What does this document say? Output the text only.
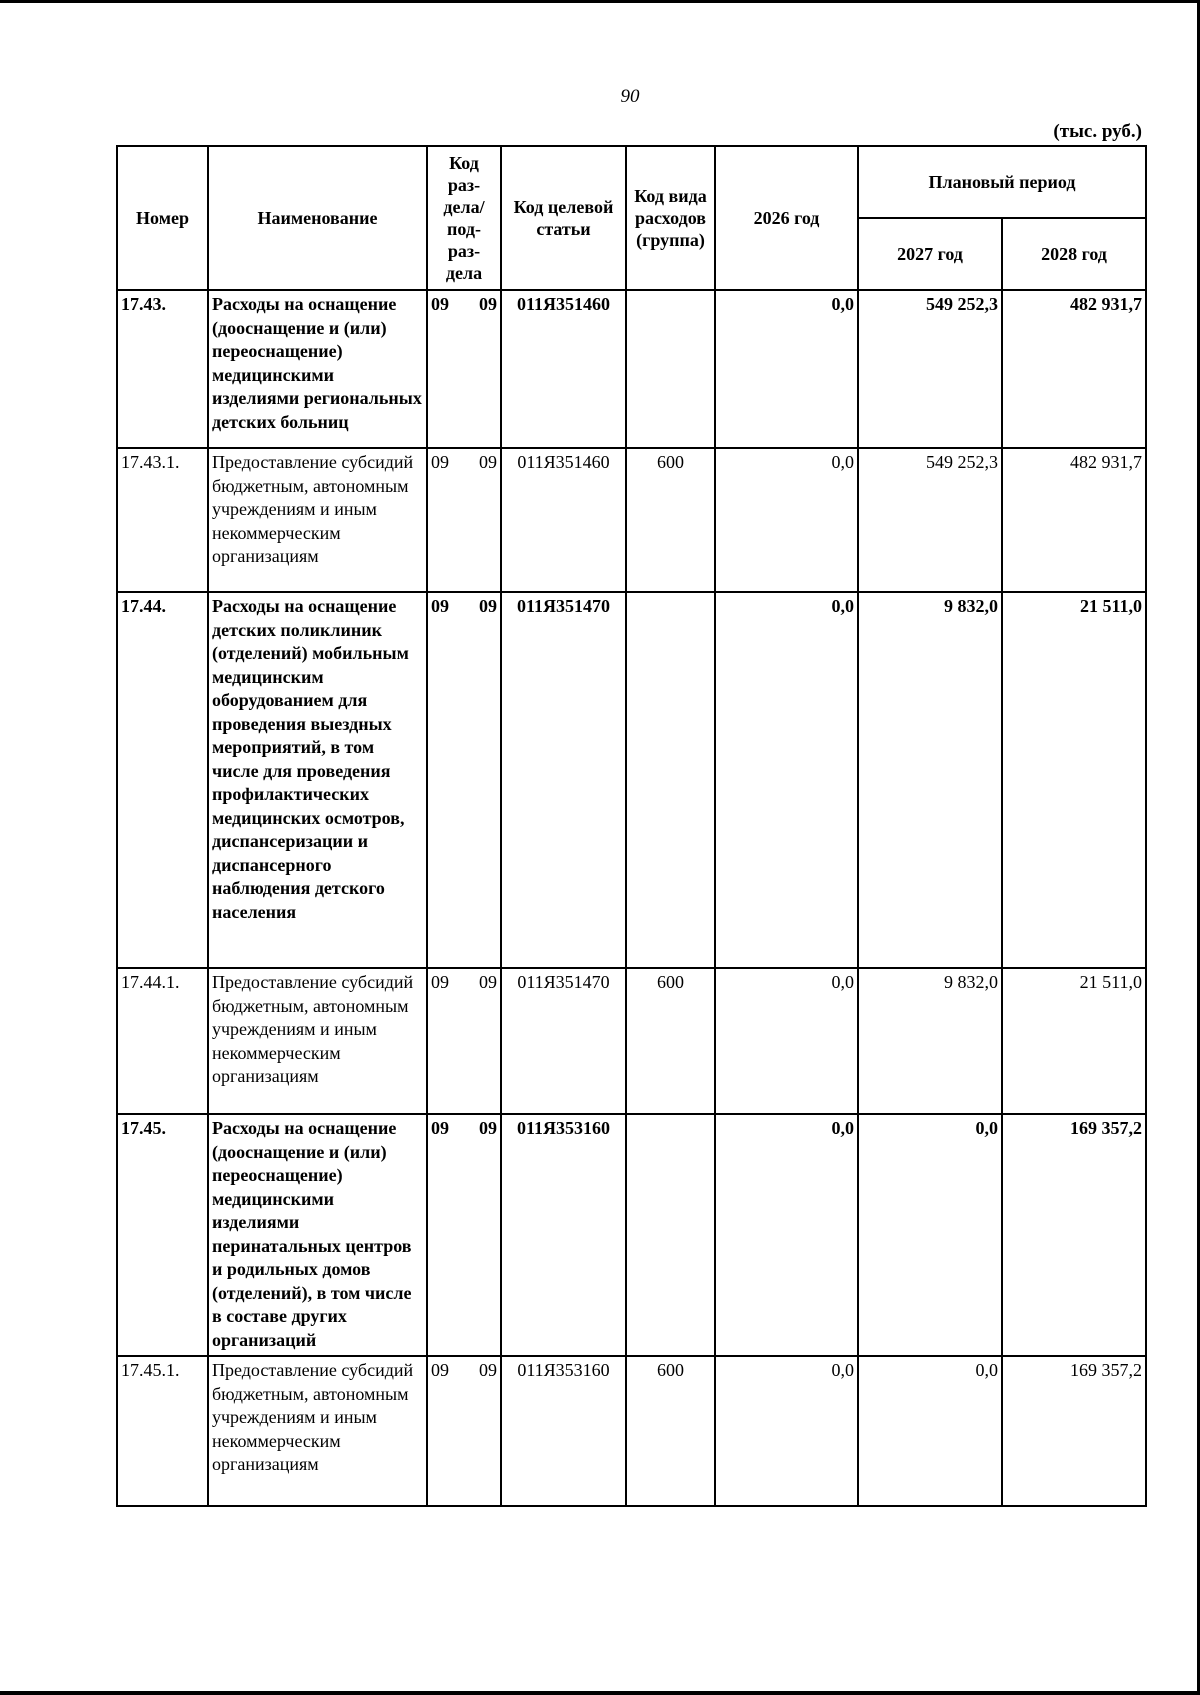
90
(тыс. руб.)
Номер	Наименование	Код раз-дела/ под-раз-дела	Код целевой статьи	Код вида расходов (группа)	2026 год	Плановый период	
						2027 год	2028 год
17.43.	Расходы на оснащение (дооснащение и (или) переоснащение) медицинскими изделиями региональных детских больниц	09 09	011Я351460		0,0	549 252,3	482 931,7
17.43.1.	Предоставление субсидий бюджетным, автономным учреждениям и иным некоммерческим организациям	09 09	011Я351460	600	0,0	549 252,3	482 931,7
17.44.	Расходы на оснащение детских поликлиник (отделений) мобильным медицинским оборудованием для проведения выездных мероприятий, в том числе для проведения профилактических медицинских осмотров, диспансеризации и диспансерного наблюдения детского населения	09 09	011Я351470		0,0	9 832,0	21 511,0
17.44.1.	Предоставление субсидий бюджетным, автономным учреждениям и иным некоммерческим организациям	09 09	011Я351470	600	0,0	9 832,0	21 511,0
17.45.	Расходы на оснащение (дооснащение и (или) переоснащение) медицинскими изделиями перинатальных центров и родильных домов (отделений), в том числе в составе других организаций	09 09	011Я353160		0,0	0,0	169 357,2
17.45.1.	Предоставление субсидий бюджетным, автономным учреждениям и иным некоммерческим организациям	09 09	011Я353160	600	0,0	0,0	169 357,2
